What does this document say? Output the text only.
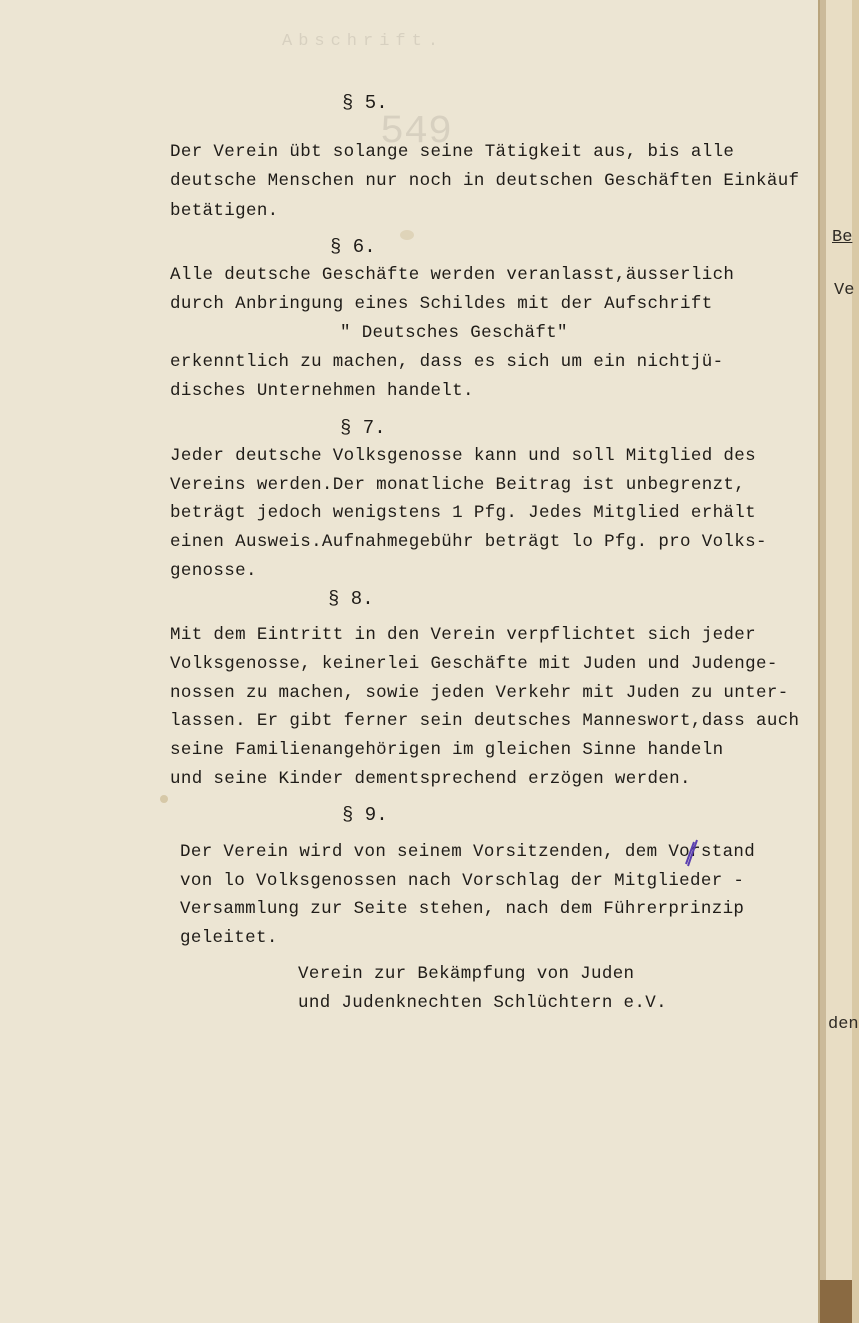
Abschrift.
549
§ 5.
Der Verein übt solange seine Tätigkeit aus, bis alle
deutsche Menschen nur noch in deutschen Geschäften Einkäuf
betätigen.
§ 6.
Alle deutsche Geschäfte werden veranlasst,äusserlich
durch Anbringung eines Schildes mit der Aufschrift
" Deutsches Geschäft"
erkenntlich zu machen, dass es sich um ein nichtjü-
disches Unternehmen handelt.
§ 7.
Jeder deutsche Volksgenosse kann und soll Mitglied des
Vereins werden.Der monatliche Beitrag ist unbegrenzt,
beträgt jedoch wenigstens 1 Pfg. Jedes Mitglied erhält
einen Ausweis.Aufnahmegebühr beträgt lo Pfg. pro Volks-
genosse.
§ 8.
Mit dem Eintritt in den Verein verpflichtet sich jeder
Volksgenosse, keinerlei Geschäfte mit Juden und Judenge-
nossen zu machen, sowie jeden Verkehr mit Juden zu unter-
lassen. Er gibt ferner sein deutsches Manneswort,dass auch
seine Familienangehörigen im gleichen Sinne handeln
und seine Kinder dementsprechend erzögen werden.
§ 9.
Der Verein wird von seinem Vorsitzenden, dem Vorstand
von lo Volksgenossen nach Vorschlag der Mitglieder -
Versammlung zur Seite stehen, nach dem Führerprinzip
geleitet.
Verein zur Bekämpfung von Juden
und Judenknechten Schlüchtern e.V.
Be
Ve
den
